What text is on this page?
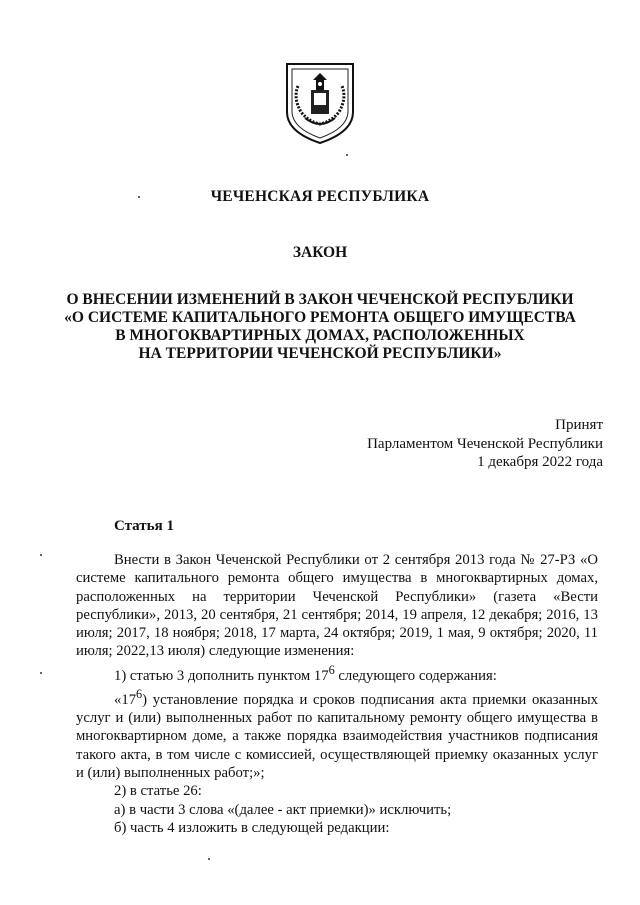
ЧЕЧЕНСКАЯ РЕСПУБЛИКА
ЗАКОН
О ВНЕСЕНИИ ИЗМЕНЕНИЙ В ЗАКОН ЧЕЧЕНСКОЙ РЕСПУБЛИКИ
«О СИСТЕМЕ КАПИТАЛЬНОГО РЕМОНТА ОБЩЕГО ИМУЩЕСТВА
В МНОГОКВАРТИРНЫХ ДОМАХ, РАСПОЛОЖЕННЫХ
НА ТЕРРИТОРИИ ЧЕЧЕНСКОЙ РЕСПУБЛИКИ»
Принят
Парламентом Чеченской Республики
1 декабря 2022 года
Статья 1

Внести в Закон Чеченской Республики от 2 сентября 2013 года № 27-РЗ «О системе капитального ремонта общего имущества в многоквартирных домах, расположенных на территории Чеченской Республики» (газета «Вести республики», 2013, 20 сентября, 21 сентября; 2014, 19 апреля, 12 декабря; 2016, 13 июля; 2017, 18 ноября; 2018, 17 марта, 24 октября; 2019, 1 мая, 9 октября; 2020, 11 июля; 2022,13 июля) следующие изменения:

1) статью 3 дополнить пунктом $17^6$ следующего содержания:

«$17^6$) установление порядка и сроков подписания акта приемки оказанных услуг и (или) выполненных работ по капитальному ремонту общего имущества в многоквартирном доме, а также порядка взаимодействия участников подписания такого акта, в том числе с комиссией, осуществляющей приемку оказанных услуг и (или) выполненных работ;»;

2) в статье 26:

а) в части 3 слова «(далее - акт приемки)» исключить;

б) часть 4 изложить в следующей редакции:
